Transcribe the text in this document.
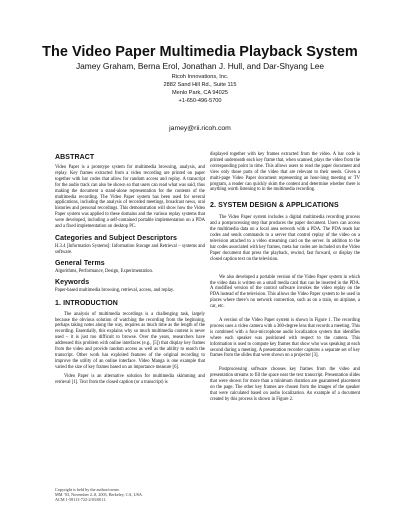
The Video Paper Multimedia Playback System
Jamey Graham, Berna Erol, Jonathan J. Hull, and Dar-Shyang Lee
Ricoh Innovations, Inc.
2882 Sand Hill Rd., Suite 115
Menlo Park, CA 94025
+1-650-496-5700
jamey@rii.ricoh.com
ABSTRACT

Video Paper is a prototype system for multimedia browsing, analysis, and replay. Key frames extracted from a video recording are printed on paper together with bar codes that allow for random access and replay. A transcript for the audio track can also be shown so that users can read what was said, thus making the document a stand-alone representation for the contents of the multimedia recording. The Video Paper system has been used for several applications, including the analysis of recorded meetings, broadcast news, oral histories and personal recordings. This demonstration will show how the Video Paper system was applied to these domains and the various replay systems that were developed, including a self-contained portable implementation on a PDA and a fixed implementation on desktop PC.

Categories and Subject Descriptors

H.3.4 [Information Systems]: Information Storage and Retrieval – systems and software.

General Terms

Algorithms, Performance, Design, Experimentation.

Keywords

Paper-based multimedia browsing, retrieval, access, and replay.

1. INTRODUCTION

The analysis of multimedia recordings is a challenging task, largely because the obvious solution of watching the recording from the beginning, perhaps taking notes along the way, requires as much time as the length of the recording. Essentially, this explains why so much multimedia content is never used – it is just too difficult to browse. Over the years, researchers have addressed this problem with online interfaces (e.g., [5]) that display key frames from the video and provide random access as well as the ability to search the transcript. Other work has exploited features of the original recording to improve the utility of an online interface. Video Manga is one example that varied the size of key frames based on an importance measure [6].

Video Paper is an alternative solution for multimedia skimming and retrieval [1]. Text from the closed caption (or a transcript) is

displayed together with key frames extracted from the video. A bar code is printed underneath each key frame that, when scanned, plays the video from the corresponding point in time. This allows users to read the paper document and view only those parts of the video that are relevant to their needs. Given a multi-page Video Paper document representing an hour-long meeting or TV program, a reader can quickly skim the content and determine whether there is anything worth listening to in the multimedia recording.

2. SYSTEM DESIGN & APPLICATIONS

The Video Paper system includes a digital multimedia recording process and a postprocessing step that produces the paper document. Users can access the multimedia data on a local area network with a PDA. The PDA reads bar codes and sends commands to a server that control replay of the video on a television attached to a video streaming card on the server. In addition to the bar codes associated with key frames, meta bar codes are included on the Video Paper document that press the playback, rewind, fast forward, or display the closed caption text on the television.

We also developed a portable version of the Video Paper system in which the video data is written on a small media card that can be inserted in the PDA. A modified version of the control software invokes the video replay on the PDA instead of the television. This allows the Video Paper system to be used in places where there’s no network connection, such as on a train, on airplane, a car, etc.

A version of the Video Paper system is shown in Figure 1. The recording process uses a video camera with a 360-degree lens that records a meeting. This is combined with a four-microphone audio localization system that identifies where each speaker was positioned with respect to the camera. This information is used to compute key frames that show who was speaking at each second during a meeting. A presentation recorder captures a separate set of key frames from the slides that were shown on a projector [3].

Postprocessing software chooses key frames from the video and presentation streams to fill the space near the text transcript. Presentation slides that were shown for more than a minimum duration are guaranteed placement on the page. The other key frames are chosen from the images of the speaker that were calculated based on audio localization. An example of a document created by this process is shown in Figure 2.

Copyright is held by the author/owner.
MM ’03, November 2–8, 2003, Berkeley, CA, USA.
ACM 1-58113-722-2/03/0011.
